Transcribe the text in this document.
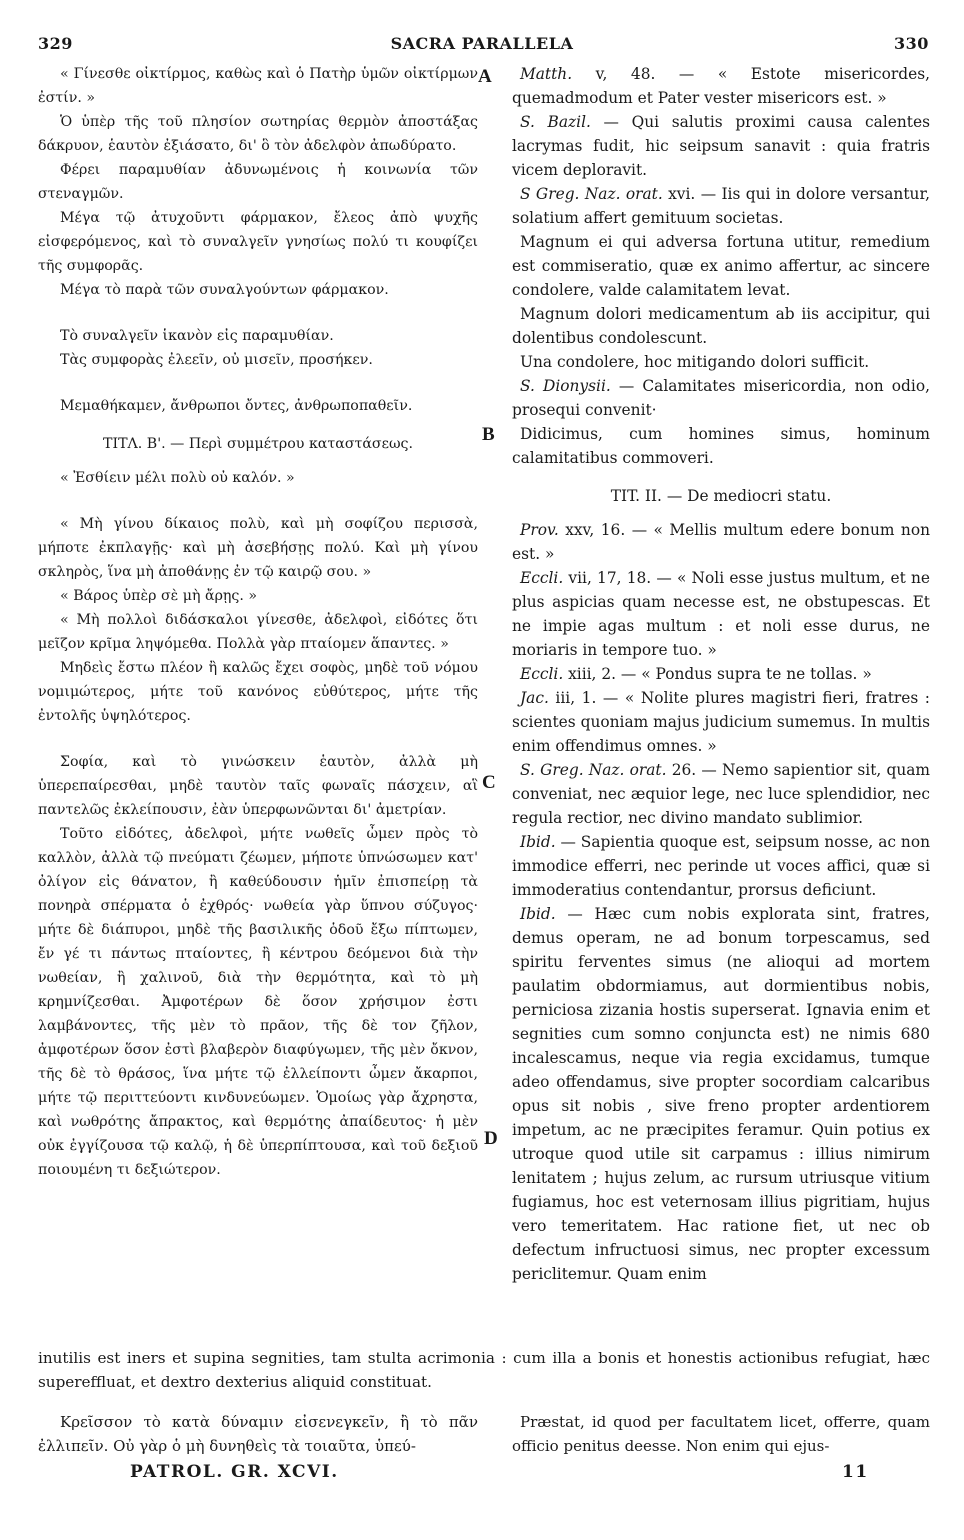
329	SACRA PARALLELA	330
A
B
C
D

« Γίνεσθε οἰκτίρμος, καθὼς καὶ ὁ Πατὴρ ὑμῶν οἰκτίρμων ἐστίν. »

Ὁ ὑπὲρ τῆς τοῦ πλησίον σωτηρίας θερμὸν ἀποστάξας δάκρυον, ἑαυτὸν ἐξιάσατο, δι' ὃ τὸν ἀδελφὸν ἀπωδύρατο.

Φέρει παραμυθίαν ἀδυνωμένοις ἡ κοινωνία τῶν στεναγμῶν.

Μέγα τῷ ἀτυχοῦντι φάρμακον, ἔλεος ἀπὸ ψυχῆς εἰσφερόμενος, καὶ τὸ συναλγεῖν γνησίως πολύ τι κουφίζει τῆς συμφορᾶς.

Μέγα τὸ παρὰ τῶν συναλγούντων φάρμακον.

Τὸ συναλγεῖν ἱκανὸν εἰς παραμυθίαν.

Τὰς συμφορὰς ἐλεεῖν, οὐ μισεῖν, προσήκεν.

Μεμαθήκαμεν, ἄνθρωποι ὄντες, ἀνθρωποπαθεῖν.

ΤΙΤΛ. Β'. — Περὶ συμμέτρου καταστάσεως.

« Ἐσθίειν μέλι πολὺ οὐ καλόν. »

« Μὴ γίνου δίκαιος πολὺ, καὶ μὴ σοφίζου περισσὰ, μήποτε ἐκπλαγῇς· καὶ μὴ ἀσεβήσῃς πολύ. Καὶ μὴ γίνου σκληρὸς, ἵνα μὴ ἀποθάνῃς ἐν τῷ καιρῷ σου. »

« Βάρος ὑπὲρ σὲ μὴ ἄρῃς. »

« Μὴ πολλοὶ διδάσκαλοι γίνεσθε, ἀδελφοὶ, εἰδότες ὅτι μεῖζον κρῖμα ληψόμεθα. Πολλὰ γὰρ πταίομεν ἅπαντες. »

Μηδεὶς ἔστω πλέον ἢ καλῶς ἔχει σοφὸς, μηδὲ τοῦ νόμου νομιμώτερος, μήτε τοῦ κανόνος εὐθύτερος, μήτε τῆς ἐντολῆς ὑψηλότερος.

Σοφία, καὶ τὸ γινώσκειν ἑαυτὸν, ἀλλὰ μὴ ὑπερεπαίρεσθαι, μηδὲ ταυτὸν ταῖς φωναῖς πάσχειν, αἳ παντελῶς ἐκλείπουσιν, ἐὰν ὑπερφωνῶνται δι' ἀμετρίαν.

Τοῦτο εἰδότες, ἀδελφοὶ, μήτε νωθεῖς ὦμεν πρὸς τὸ καλλὸν, ἀλλὰ τῷ πνεύματι ζέωμεν, μήποτε ὑπνώσωμεν κατ' ὀλίγον εἰς θάνατον, ἢ καθεύδουσιν ἡμῖν ἐπισπείρῃ τὰ πονηρὰ σπέρματα ὁ ἐχθρός· νωθεία γὰρ ὕπνου σύζυγος· μήτε δὲ διάπυροι, μηδὲ τῆς βασιλικῆς ὁδοῦ ἔξω πίπτωμεν, ἔν γέ τι πάντως πταίοντες, ἢ κέντρου δεόμενοι διὰ τὴν νωθείαν, ἢ χαλινοῦ, διὰ τὴν θερμότητα, καὶ τὸ μὴ κρημνίζεσθαι. Ἀμφοτέρων δὲ ὅσον χρήσιμον ἐστι λαμβάνοντες, τῆς μὲν τὸ πρᾶον, τῆς δὲ τον ζῆλον, ἀμφοτέρων ὅσον ἐστὶ βλαβερὸν διαφύγωμεν, τῆς μὲν ὄκνον, τῆς δὲ τὸ θράσος, ἵνα μήτε τῷ ἐλλείποντι ὦμεν ἄκαρποι, μήτε τῷ περιττεύοντι κινδυνεύωμεν. Ὁμοίως γὰρ ἄχρηστα, καὶ νωθρότης ἄπρακτος, καὶ θερμότης ἀπαίδευτος· ἡ μὲν οὐκ ἐγγίζουσα τῷ καλῷ, ἡ δὲ ὑπερπίπτουσα, καὶ τοῦ δεξιοῦ ποιουμένη τι δεξιώτερον.

Matth. v, 48. — « Estote misericordes, quemadmodum et Pater vester misericors est. »

S. Bazil. — Qui salutis proximi causa calentes lacrymas fudit, hic seipsum sanavit : quia fratris vicem deploravit.

S Greg. Naz. orat. xvi. — Iis qui in dolore versantur, solatium affert gemituum societas.

Magnum ei qui adversa fortuna utitur, remedium est commiseratio, quæ ex animo affertur, ac sincere condolere, valde calamitatem levat.

Magnum dolori medicamentum ab iis accipitur, qui dolentibus condolescunt.

Una condolere, hoc mitigando dolori sufficit.

S. Dionysii. — Calamitates misericordia, non odio, prosequi convenit·

Didicimus, cum homines simus, hominum calamitatibus commoveri.

TIT. II. — De mediocri statu.

Prov. xxv, 16. — « Mellis multum edere bonum non est. »

Eccli. vii, 17, 18. — « Noli esse justus multum, et ne plus aspicias quam necesse est, ne obstupescas. Et ne impie agas multum : et noli esse durus, ne moriaris in tempore tuo. »

Eccli. xiii, 2. — « Pondus supra te ne tollas. »

Jac. iii, 1. — « Nolite plures magistri fieri, fratres : scientes quoniam majus judicium sumemus. In multis enim offendimus omnes. »

S. Greg. Naz. orat. 26. — Nemo sapientior sit, quam conveniat, nec æquior lege, nec luce splendidior, nec regula rectior, nec divino mandato sublimior.

Ibid. — Sapientia quoque est, seipsum nosse, ac non immodice efferri, nec perinde ut voces affici, quæ si immoderatius contendantur, prorsus deficiunt.

Ibid. — Hæc cum nobis explorata sint, fratres, demus operam, ne ad bonum torpescamus, sed spiritu ferventes simus (ne alioqui ad mortem paulatim obdormiamus, aut dormientibus nobis, perniciosa zizania hostis superserat. Ignavia enim et segnities cum somno conjuncta est) ne nimis 680 incalescamus, neque via regia excidamus, tumque adeo offendamus, sive propter socordiam calcaribus opus sit nobis , sive freno propter ardentiorem impetum, ac ne præcipites feramur. Quin potius ex utroque quod utile sit carpamus : illius nimirum lenitatem ; hujus zelum, ac rursum utriusque vitium fugiamus, hoc est veternosam illius pigritiam, hujus vero temeritatem. Hac ratione fiet, ut nec ob defectum infructuosi simus, nec propter excessum periclitemur. Quam enim

inutilis est iners et supina segnities, tam stulta acrimonia : cum illa a bonis et honestis actionibus refugiat, hæc supereffluat, et dextro dexterius aliquid constituat.
Κρεῖσσον τὸ κατὰ δύναμιν εἰσενεγκεῖν, ἢ τὸ πᾶν ἐλλιπεῖν. Οὐ γὰρ ὁ μὴ δυνηθεὶς τὰ τοιαῦτα, ὑπεύ-
Præstat, id quod per facultatem licet, offerre, quam officio penitus deesse. Non enim qui ejus-
PATROL. GR. XCVI.	11
